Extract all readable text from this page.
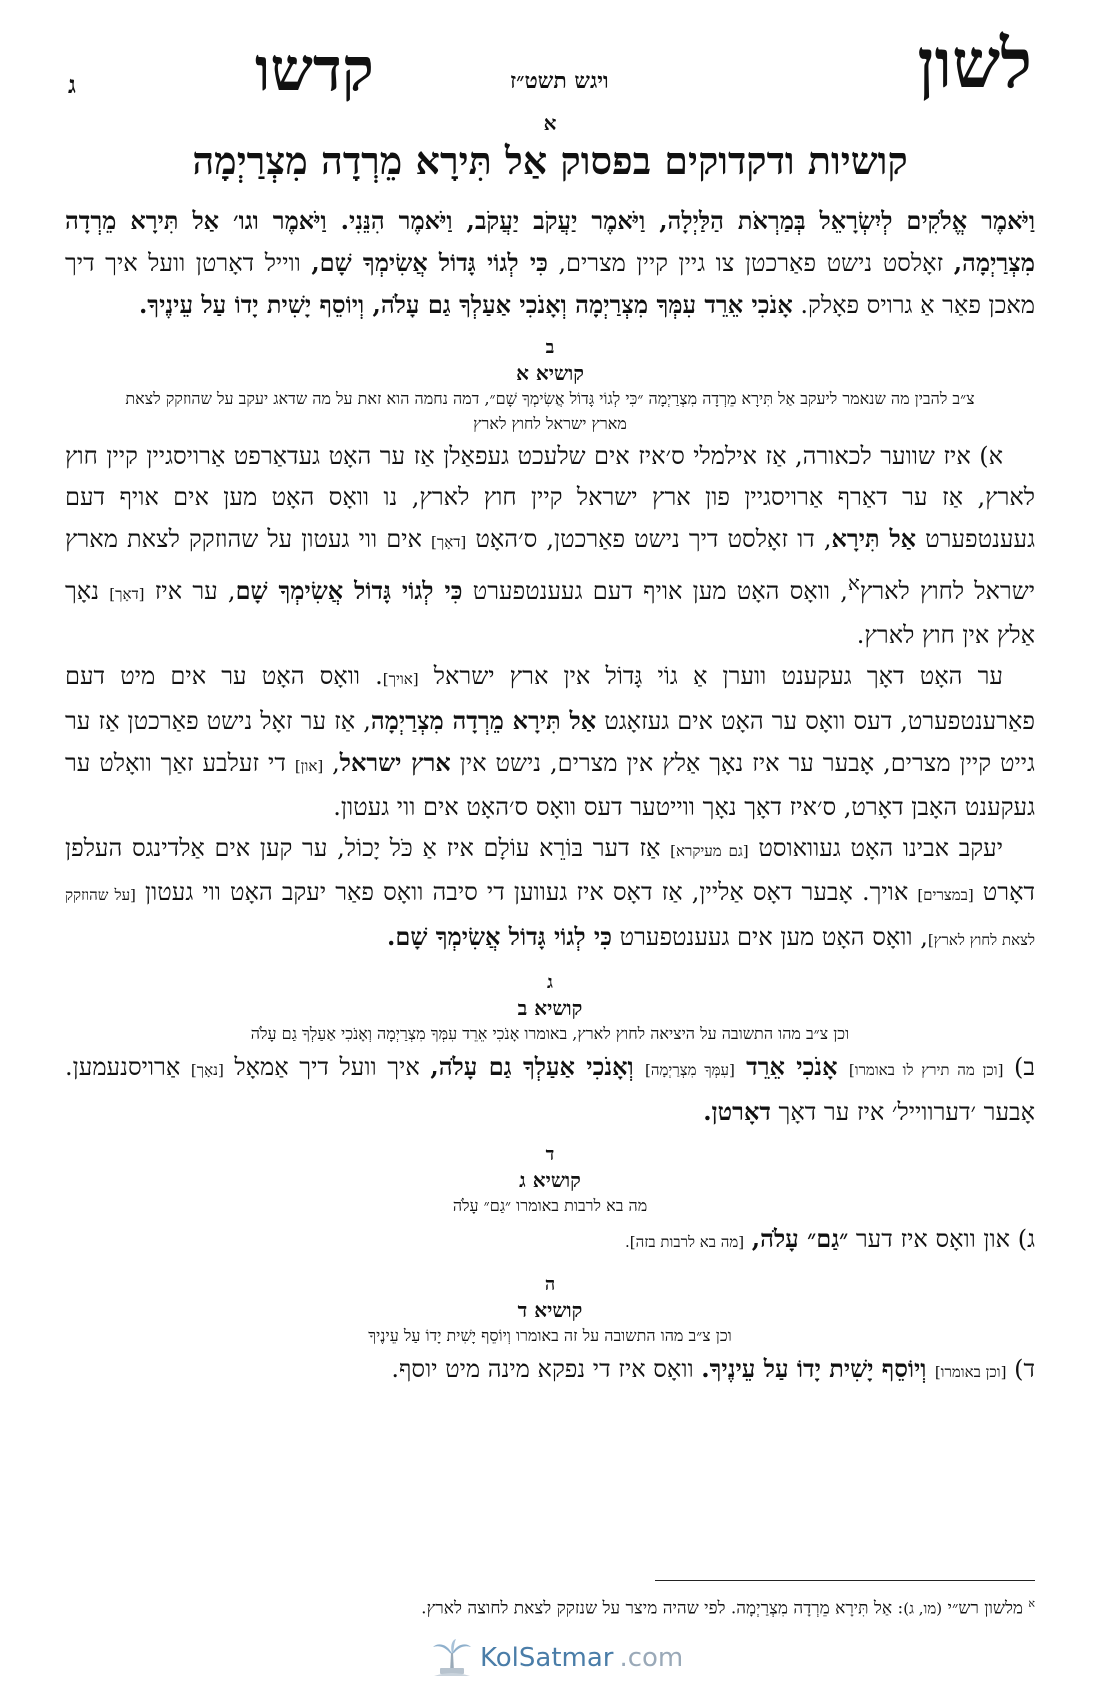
לשון
ויגש תשט״ז
קדשו
ג
א
קושיות ודקדוקים בפסוק אַל תִּירָא מֵרְדָה מִצְרַיְמָה

וַיֹּאמֶר אֱלֹקִים לְיִשְׂרָאֵל בְּמַרְאֹת הַלַּיְלָה, וַיֹּאמֶר יַעֲקֹב יַעֲקֹב, וַיֹּאמֶר הִנֵּנִי. וַיֹּאמֶר וגו׳ אַל תִּירָא מֵרְדָה מִצְרַיְמָה, זאָלסט נישט פאַרכטן צו גיין קיין מצרים, כִּי לְגוֹי גָּדוֹל אֲשִׂימְךָ שָׁם, ווייל דאָרטן וועל איך דיך מאכן פאַר אַ גרויס פאָלק. אָנֹכִי אֵרֵד עִמְּךָ מִצְרַיְמָה וְאָנֹכִי אַעַלְךָ גַם עָלֹה, וְיוֹסֵף יָשִׁית יָדוֹ עַל עֵינֶיךָ.

ב
קושיא א
צ״ב להבין מה שנאמר ליעקב אַל תִּירָא מֵרְדָה מִצְרַיְמָה ״כִּי לְגוֹי גָּדוֹל אֲשִׂימְךָ שָׁם״, דמה נחמה הוא זאת על מה שדאג יעקב על שהוזקק לצאת מארץ ישראל לחוץ לארץ

א) איז שווער לכאורה, אַז אילמלי ס׳איז אים שלעכט געפאַלן אַז ער האָט געדאַרפט אַרויסגיין קיין חוץ לארץ, אַז ער דאַרף אַרויסגיין פון ארץ ישראל קיין חוץ לארץ, נו וואָס האָט מען אים אויף דעם געענטפערט אַל תִּירָא, דו זאָלסט דיך נישט פאַרכטן, ס׳האָט [דאָך] אים ווי געטון על שהוזקק לצאת מארץ ישראל לחוץ לארץ$^א$, וואָס האָט מען אויף דעם געענטפערט כִּי לְגוֹי גָּדוֹל אֲשִׂימְךָ שָׁם, ער איז [דאָך] נאָך אַלץ אין חוץ לארץ.

ער האָט דאָך געקענט ווערן אַ גוֹי גָּדוֹל אין ארץ ישראל [אויך]. וואָס האָט ער אים מיט דעם פאַרענטפערט, דעס וואָס ער האָט אים געזאָגט אַל תִּירָא מֵרְדָה מִצְרַיְמָה, אַז ער זאָל נישט פאַרכטן אַז ער גייט קיין מצרים, אָבער ער איז נאָך אַלץ אין מצרים, נישט אין ארץ ישראל, [און] די זעלבע זאַך וואָלט ער געקענט האָבן דאָרט, ס׳איז דאָך נאָך ווייטער דעס וואָס ס׳האָט אים ווי געטון.

יעקב אבינו האָט געוואוסט [גם מעיקרא] אַז דער בּוֹרֵא עוֹלָם איז אַ כֹּל יָכוֹל, ער קען אים אַלדינגס העלפן דאָרט [במצרים] אויך. אָבער דאָס אַליין, אַז דאָס איז געווען די סיבה וואָס פאַר יעקב האָט ווי געטון [על שהוזקק לצאת לחוץ לארץ], וואָס האָט מען אים געענטפערט כִּי לְגוֹי גָּדוֹל אֲשִׂימְךָ שָׁם.

ג
קושיא ב
וכן צ״ב מהו התשובה על היציאה לחוץ לארץ, באומרו אָנֹכִי אֵרֵד עִמְּךָ מִצְרַיְמָה וְאָנֹכִי אַעַלְךָ גַם עָלֹה

ב) [וכן מה תירץ לו באומרו] אָנֹכִי אֵרֵד [עִמְּךָ מִצְרַיְמָה] וְאָנֹכִי אַעַלְךָ גַם עָלֹה, איך וועל דיך אַמאָל [נאָך] אַרויסנעמען. אָבער ׳דערווייל׳ איז ער דאָך דאָרטן.

ד
קושיא ג
מה בא לרבות באומרו ״גַם״ עָלֹה

ג) און וואָס איז דער ״גַם״ עָלֹה, [מה בא לרבות בזה].

ה
קושיא ד
וכן צ״ב מהו התשובה על זה באומרו וְיוֹסֵף יָשִׁית יָדוֹ עַל עֵינֶיךָ

ד) [וכן באומרו] וְיוֹסֵף יָשִׁית יָדוֹ עַל עֵינֶיךָ. וואָס איז די נפקא מינה מיט יוסף.

$^א$ מלשון רש״י (מו, ג): אַל תִּירָא מֵרְדָה מִצְרַיְמָה. לפי שהיה מיצר על שנזקק לצאת לחוצה לארץ.
KolSatmar .com
